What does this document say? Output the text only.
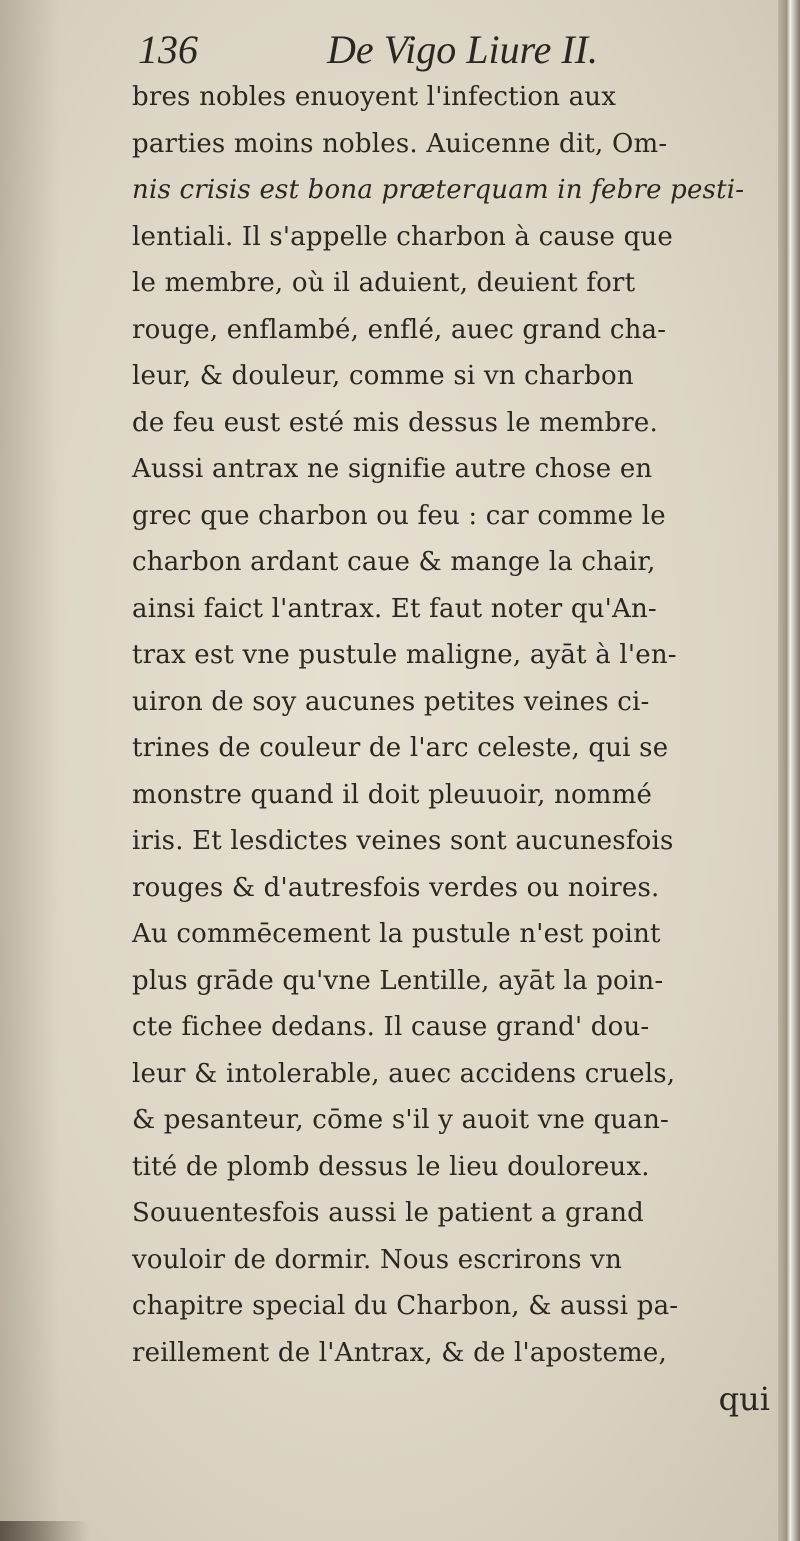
136	De Vigo Liure II.
bres nobles enuoyent l'infection aux
parties moins nobles. Auicenne dit, Om-
nis crisis est bona præterquam in febre pesti-
lentiali. Il s'appelle charbon à cause que
le membre, où il aduient, deuient fort
rouge, enflambé, enflé, auec grand cha-
leur, & douleur, comme si vn charbon
de feu eust esté mis dessus le membre.
Aussi antrax ne signifie autre chose en
grec que charbon ou feu : car comme le
charbon ardant caue & mange la chair,
ainsi faict l'antrax. Et faut noter qu'An-
trax est vne pustule maligne, ayāt à l'en-
uiron de soy aucunes petites veines ci-
trines de couleur de l'arc celeste, qui se
monstre quand il doit pleuuoir, nommé
iris. Et lesdictes veines sont aucunesfois
rouges & d'autresfois verdes ou noires.
Au commēcement la pustule n'est point
plus grāde qu'vne Lentille, ayāt la poin-
cte fichee dedans. Il cause grand' dou-
leur & intolerable, auec accidens cruels,
& pesanteur, cōme s'il y auoit vne quan-
tité de plomb dessus le lieu douloreux.
Souuentesfois aussi le patient a grand
vouloir de dormir. Nous escrirons vn
chapitre special du Charbon, & aussi pa-
reillement de l'Antrax, & de l'aposteme,
qui
